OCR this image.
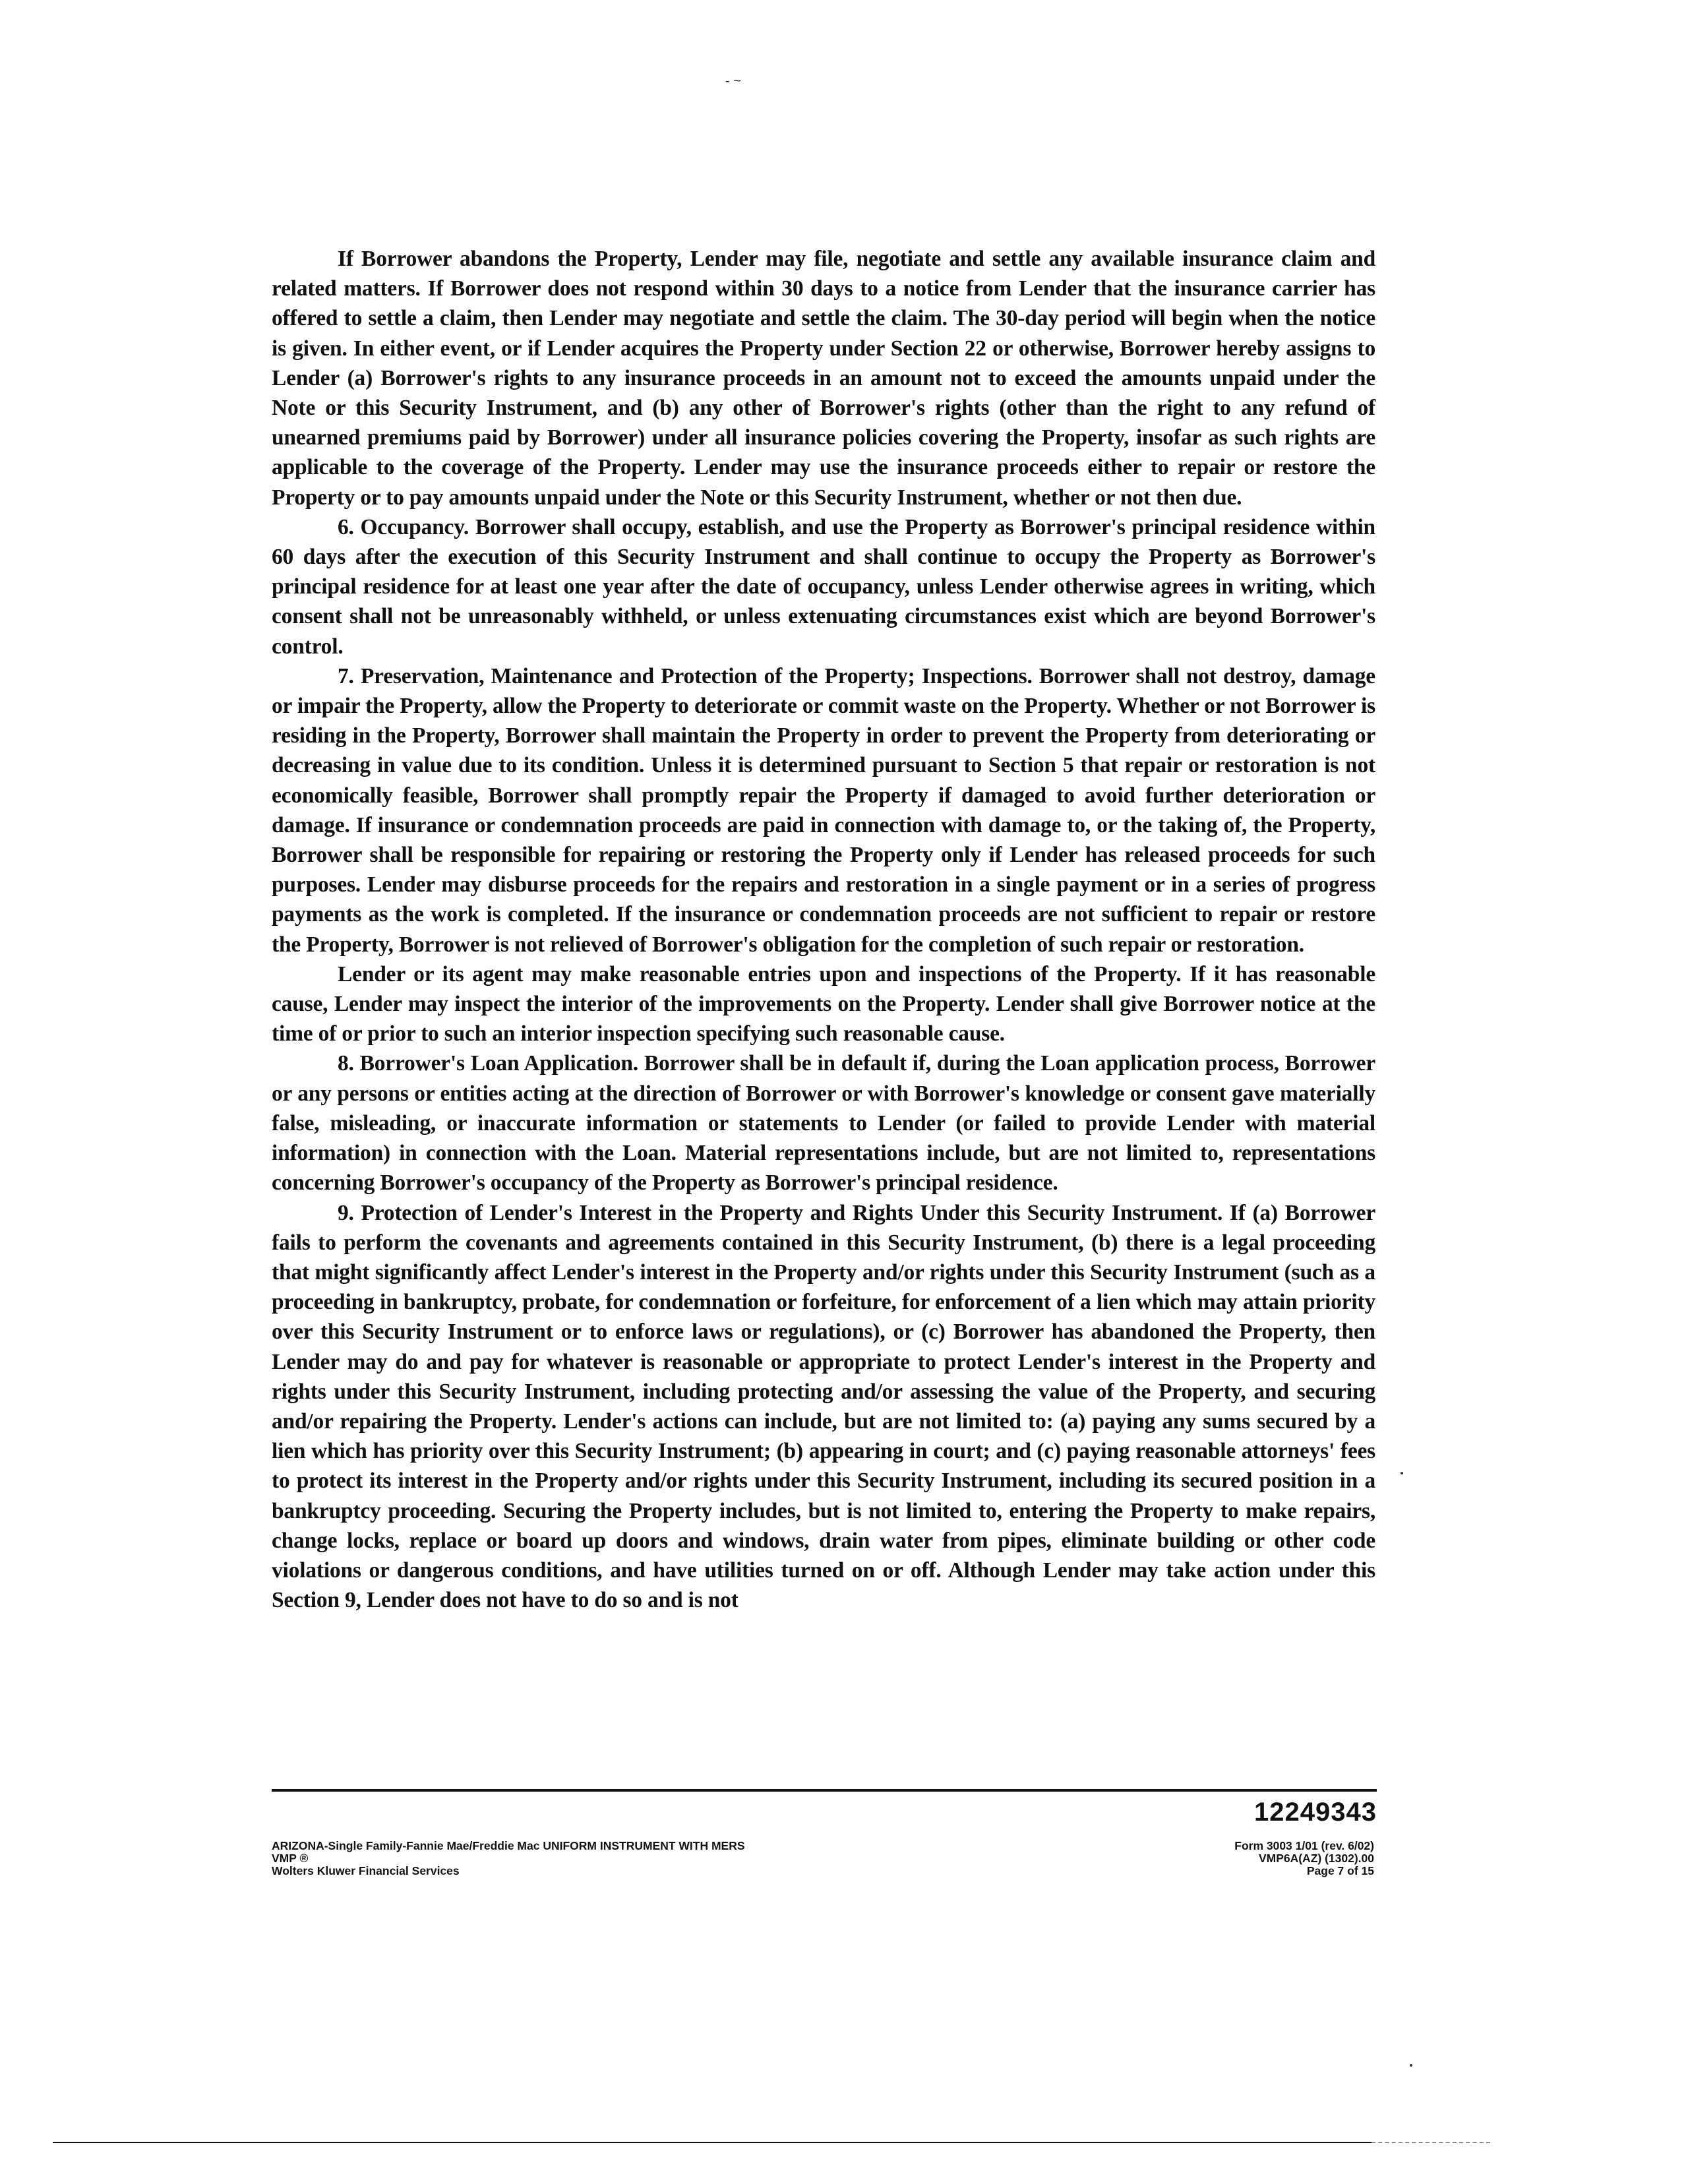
- ~

If Borrower abandons the Property, Lender may file, negotiate and settle any available insurance claim and related matters. If Borrower does not respond within 30 days to a notice from Lender that the insurance carrier has offered to settle a claim, then Lender may negotiate and settle the claim. The 30-day period will begin when the notice is given. In either event, or if Lender acquires the Property under Section 22 or otherwise, Borrower hereby assigns to Lender (a) Borrower's rights to any insurance proceeds in an amount not to exceed the amounts unpaid under the Note or this Security Instrument, and (b) any other of Borrower's rights (other than the right to any refund of unearned premiums paid by Borrower) under all insurance policies covering the Property, insofar as such rights are applicable to the coverage of the Property. Lender may use the insurance proceeds either to repair or restore the Property or to pay amounts unpaid under the Note or this Security Instrument, whether or not then due.

6. Occupancy. Borrower shall occupy, establish, and use the Property as Borrower's principal residence within 60 days after the execution of this Security Instrument and shall continue to occupy the Property as Borrower's principal residence for at least one year after the date of occupancy, unless Lender otherwise agrees in writing, which consent shall not be unreasonably withheld, or unless extenuating circumstances exist which are beyond Borrower's control.

7. Preservation, Maintenance and Protection of the Property; Inspections. Borrower shall not destroy, damage or impair the Property, allow the Property to deteriorate or commit waste on the Property. Whether or not Borrower is residing in the Property, Borrower shall maintain the Property in order to prevent the Property from deteriorating or decreasing in value due to its condition. Unless it is determined pursuant to Section 5 that repair or restoration is not economically feasible, Borrower shall promptly repair the Property if damaged to avoid further deterioration or damage. If insurance or condemnation proceeds are paid in connection with damage to, or the taking of, the Property, Borrower shall be responsible for repairing or restoring the Property only if Lender has released proceeds for such purposes. Lender may disburse proceeds for the repairs and restoration in a single payment or in a series of progress payments as the work is completed. If the insurance or condemnation proceeds are not sufficient to repair or restore the Property, Borrower is not relieved of Borrower's obligation for the completion of such repair or restoration.

Lender or its agent may make reasonable entries upon and inspections of the Property. If it has reasonable cause, Lender may inspect the interior of the improvements on the Property. Lender shall give Borrower notice at the time of or prior to such an interior inspection specifying such reasonable cause.

8. Borrower's Loan Application. Borrower shall be in default if, during the Loan application process, Borrower or any persons or entities acting at the direction of Borrower or with Borrower's knowledge or consent gave materially false, misleading, or inaccurate information or statements to Lender (or failed to provide Lender with material information) in connection with the Loan. Material representations include, but are not limited to, representations concerning Borrower's occupancy of the Property as Borrower's principal residence.

9. Protection of Lender's Interest in the Property and Rights Under this Security Instrument. If (a) Borrower fails to perform the covenants and agreements contained in this Security Instrument, (b) there is a legal proceeding that might significantly affect Lender's interest in the Property and/or rights under this Security Instrument (such as a proceeding in bankruptcy, probate, for condemnation or forfeiture, for enforcement of a lien which may attain priority over this Security Instrument or to enforce laws or regulations), or (c) Borrower has abandoned the Property, then Lender may do and pay for whatever is reasonable or appropriate to protect Lender's interest in the Property and rights under this Security Instrument, including protecting and/or assessing the value of the Property, and securing and/or repairing the Property. Lender's actions can include, but are not limited to: (a) paying any sums secured by a lien which has priority over this Security Instrument; (b) appearing in court; and (c) paying reasonable attorneys' fees to protect its interest in the Property and/or rights under this Security Instrument, including its secured position in a bankruptcy proceeding. Securing the Property includes, but is not limited to, entering the Property to make repairs, change locks, replace or board up doors and windows, drain water from pipes, eliminate building or other code violations or dangerous conditions, and have utilities turned on or off. Although Lender may take action under this Section 9, Lender does not have to do so and is not

12249343
ARIZONA-Single Family-Fannie Mae/Freddie Mac UNIFORM INSTRUMENT WITH MERS
VMP ®
Wolters Kluwer Financial Services
Form 3003 1/01 (rev. 6/02)
VMP6A(AZ) (1302).00
Page 7 of 15
